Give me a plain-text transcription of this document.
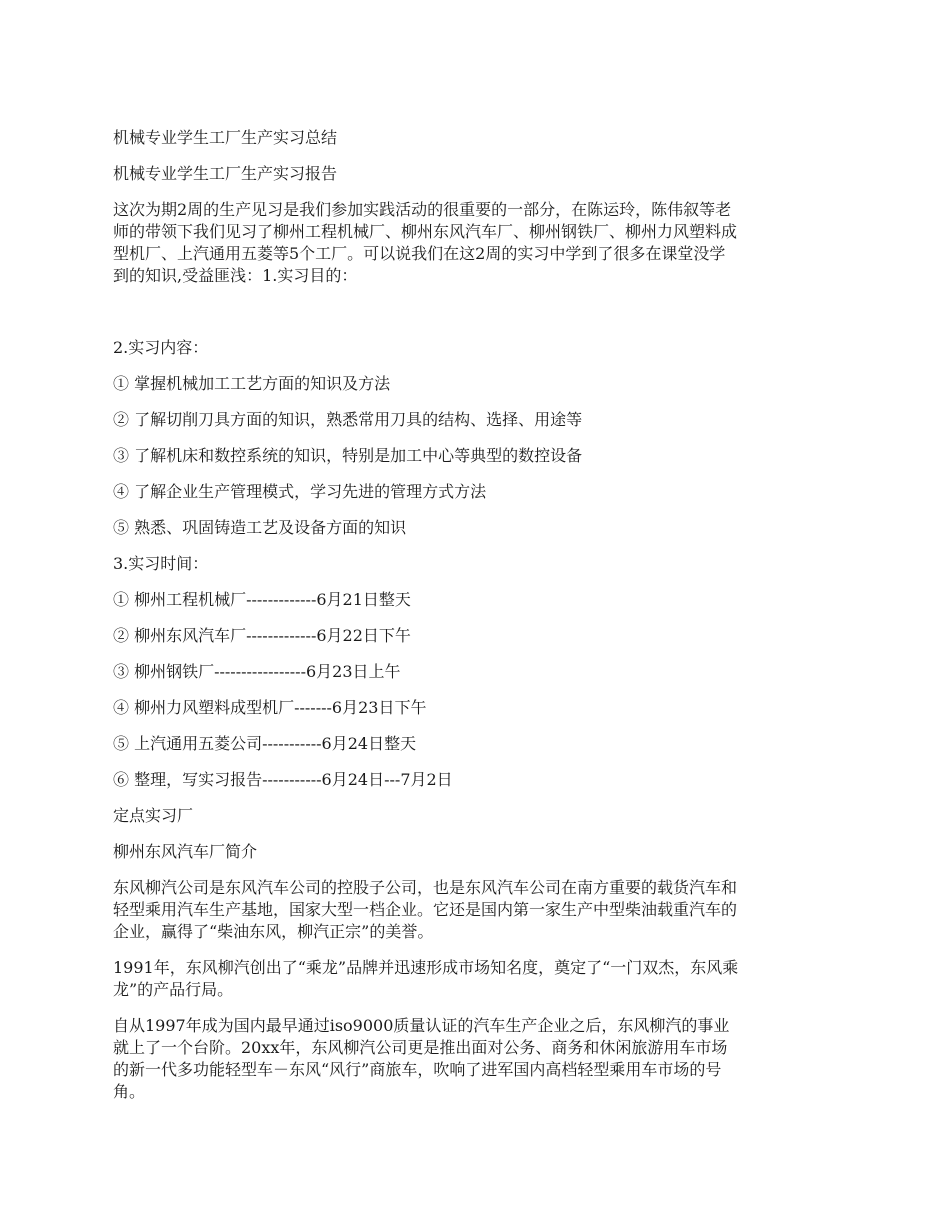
机械专业学生工厂生产实习总结
机械专业学生工厂生产实习报告
这次为期2周的生产见习是我们参加实践活动的很重要的一部分，在陈运玲，陈伟叙等老
师的带领下我们见习了柳州工程机械厂、柳州东风汽车厂、柳州钢铁厂、柳州力风塑料成
型机厂、上汽通用五菱等5个工厂。可以说我们在这2周的实习中学到了很多在课堂没学
到的知识,受益匪浅：1.实习目的：
2.实习内容：
① 掌握机械加工工艺方面的知识及方法
② 了解切削刀具方面的知识，熟悉常用刀具的结构、选择、用途等
③ 了解机床和数控系统的知识，特别是加工中心等典型的数控设备
④ 了解企业生产管理模式，学习先进的管理方式方法
⑤ 熟悉、巩固铸造工艺及设备方面的知识
3.实习时间：
① 柳州工程机械厂-------------6月21日整天
② 柳州东风汽车厂-------------6月22日下午
③ 柳州钢铁厂-----------------6月23日上午
④ 柳州力风塑料成型机厂-------6月23日下午
⑤ 上汽通用五菱公司-----------6月24日整天
⑥ 整理，写实习报告-----------6月24日---7月2日
定点实习厂
柳州东风汽车厂简介
东风柳汽公司是东风汽车公司的控股子公司，也是东风汽车公司在南方重要的载货汽车和
轻型乘用汽车生产基地，国家大型一档企业。它还是国内第一家生产中型柴油载重汽车的
企业，赢得了“柴油东风，柳汽正宗”的美誉。
1991年，东风柳汽创出了“乘龙”品牌并迅速形成市场知名度，奠定了“一门双杰，东风乘
龙”的产品行局。
自从1997年成为国内最早通过iso9000质量认证的汽车生产企业之后，东风柳汽的事业
就上了一个台阶。20xx年，东风柳汽公司更是推出面对公务、商务和休闲旅游用车市场
的新一代多功能轻型车－东风“风行”商旅车，吹响了进军国内高档轻型乘用车市场的号
角。
